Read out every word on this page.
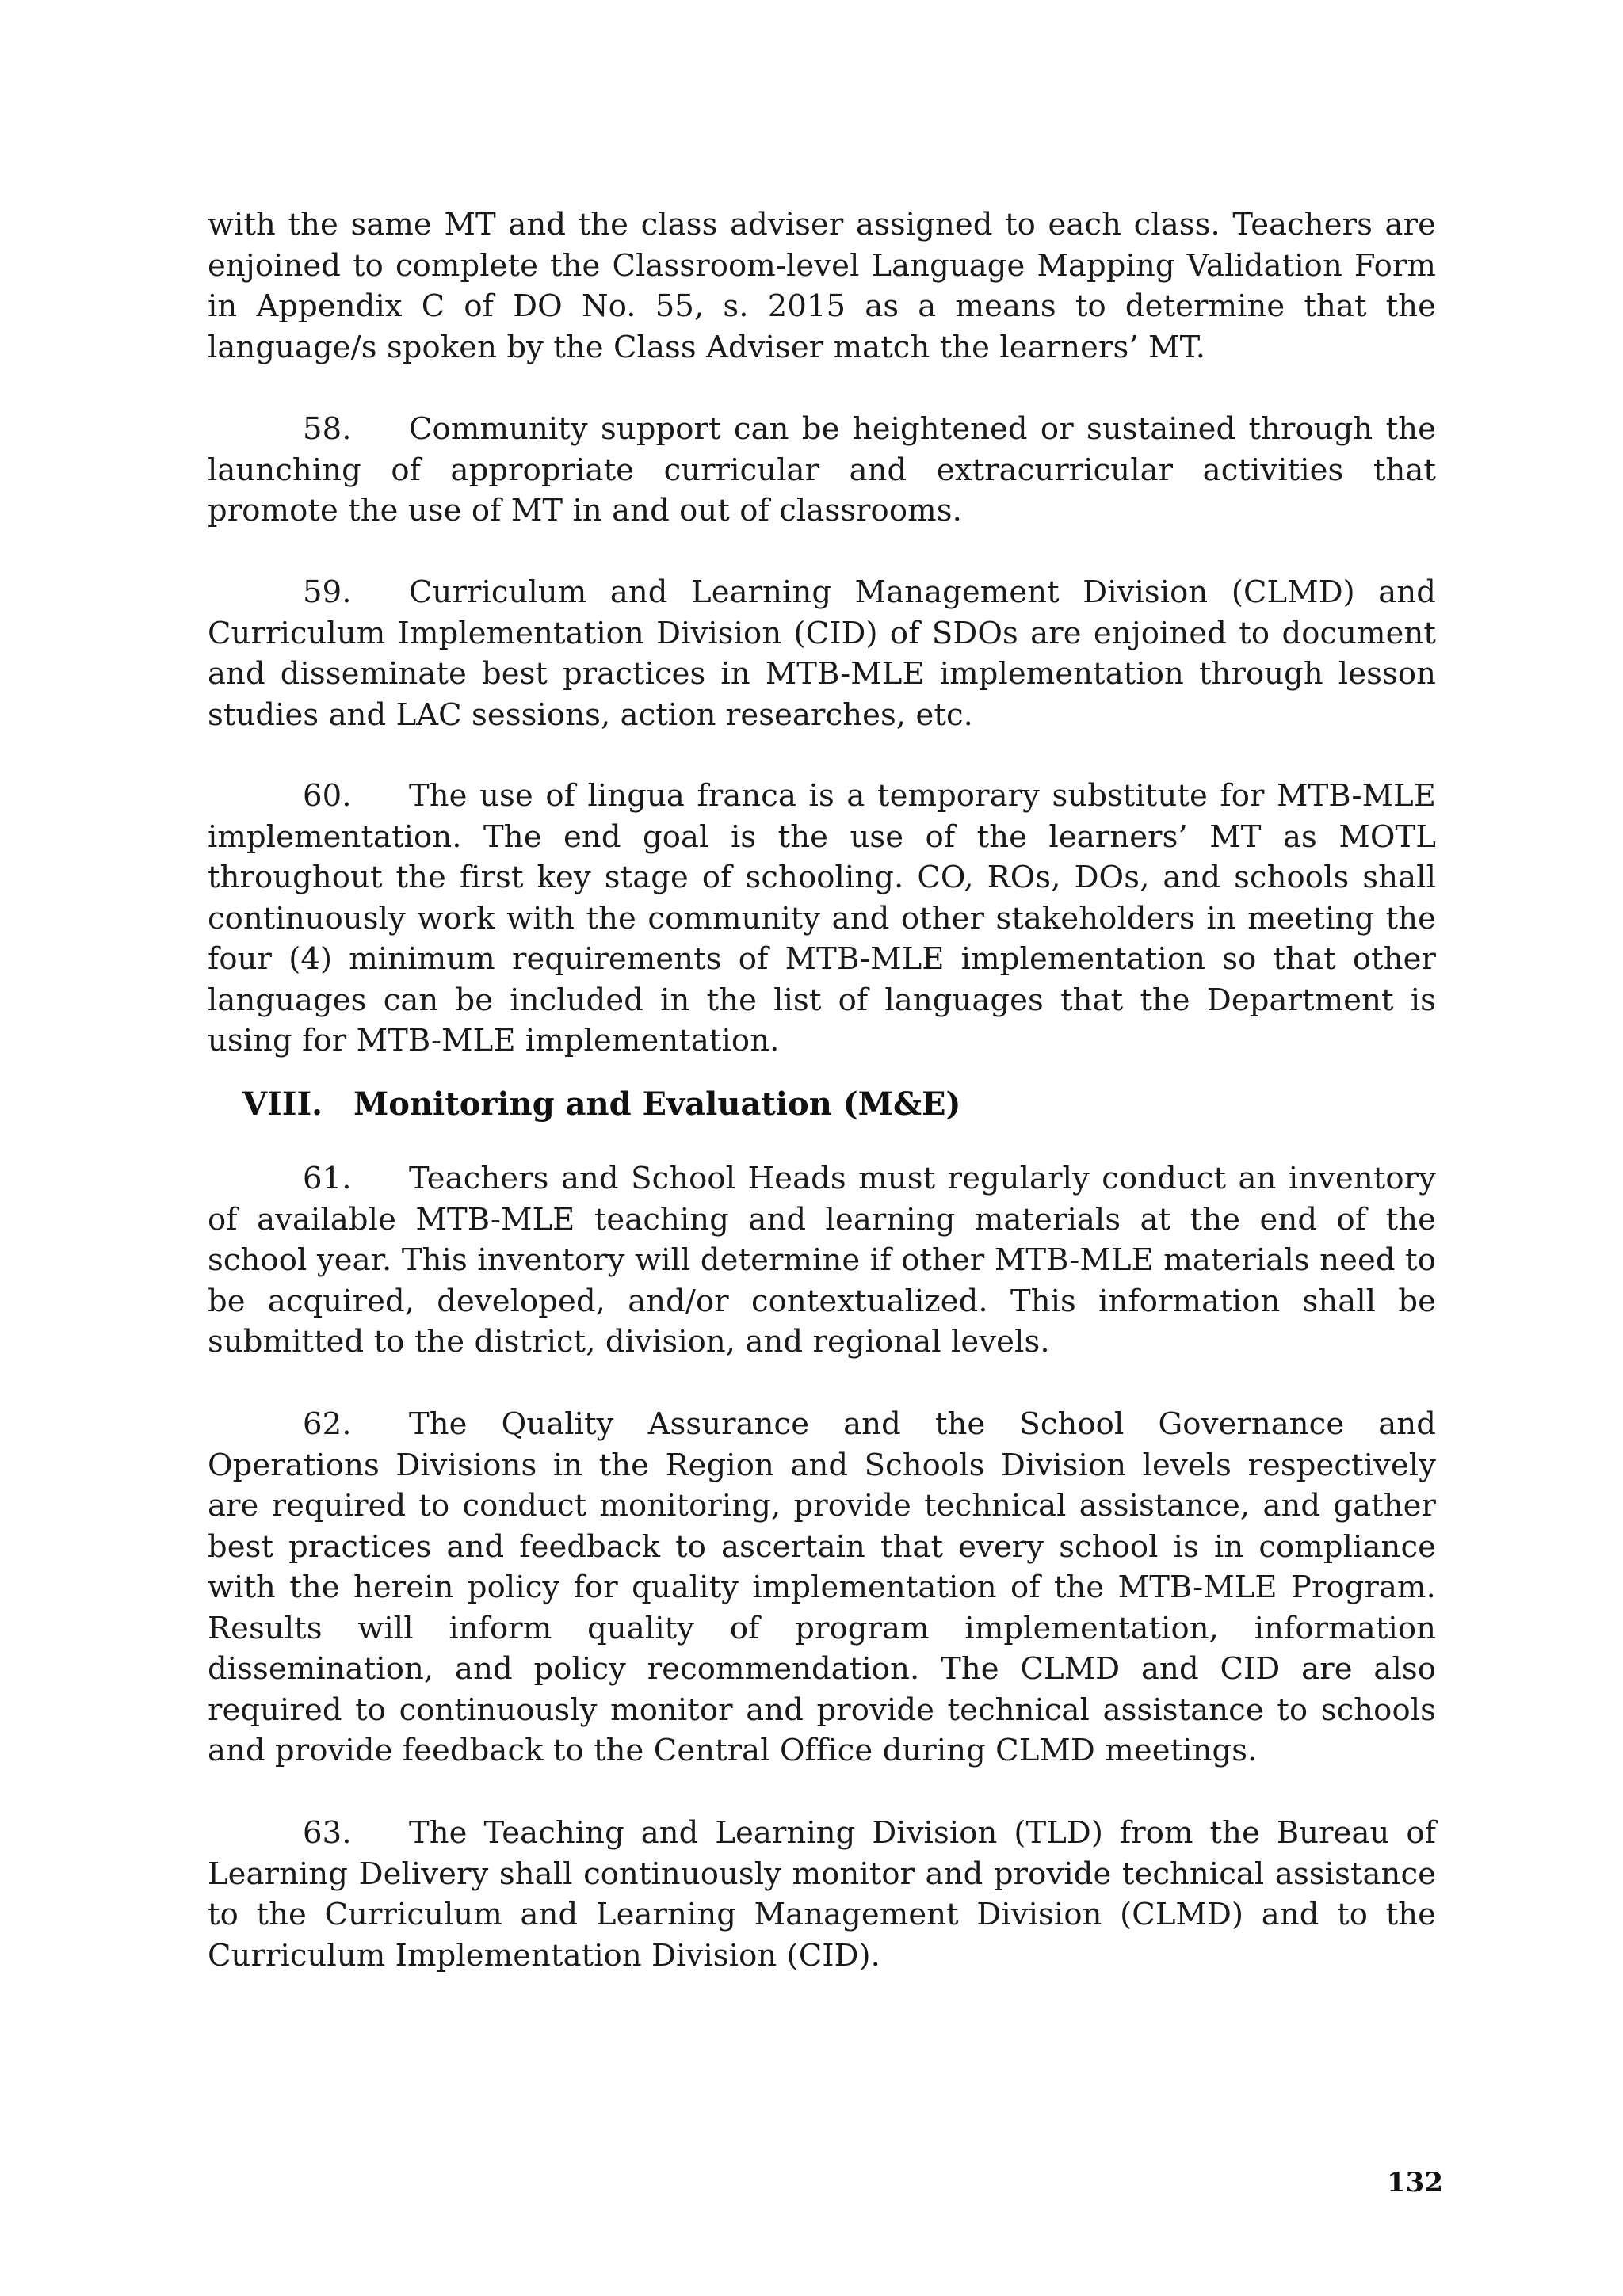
with the same MT and the class adviser assigned to each class. Teachers are enjoined to complete the Classroom-level Language Mapping Validation Form in Appendix C of DO No. 55, s. 2015 as a means to determine that the language/s spoken by the Class Adviser match the learners’ MT.

58. Community support can be heightened or sustained through the launching of appropriate curricular and extracurricular activities that promote the use of MT in and out of classrooms.

59. Curriculum and Learning Management Division (CLMD) and Curriculum Implementation Division (CID) of SDOs are enjoined to document and disseminate best practices in MTB-MLE implementation through lesson studies and LAC sessions, action researches, etc.

60. The use of lingua franca is a temporary substitute for MTB-MLE implementation. The end goal is the use of the learners’ MT as MOTL throughout the first key stage of schooling. CO, ROs, DOs, and schools shall continuously work with the community and other stakeholders in meeting the four (4) minimum requirements of MTB-MLE implementation so that other languages can be included in the list of languages that the Department is using for MTB-MLE implementation.

VIII. Monitoring and Evaluation (M&E)

61. Teachers and School Heads must regularly conduct an inventory of available MTB-MLE teaching and learning materials at the end of the school year. This inventory will determine if other MTB-MLE materials need to be acquired, developed, and/or contextualized. This information shall be submitted to the district, division, and regional levels.

62. The Quality Assurance and the School Governance and Operations Divisions in the Region and Schools Division levels respectively are required to conduct monitoring, provide technical assistance, and gather best practices and feedback to ascertain that every school is in compliance with the herein policy for quality implementation of the MTB-MLE Program. Results will inform quality of program implementation, information dissemination, and policy recommendation. The CLMD and CID are also required to continuously monitor and provide technical assistance to schools and provide feedback to the Central Office during CLMD meetings.

63. The Teaching and Learning Division (TLD) from the Bureau of Learning Delivery shall continuously monitor and provide technical assistance to the Curriculum and Learning Management Division (CLMD) and to the Curriculum Implementation Division (CID).

132
